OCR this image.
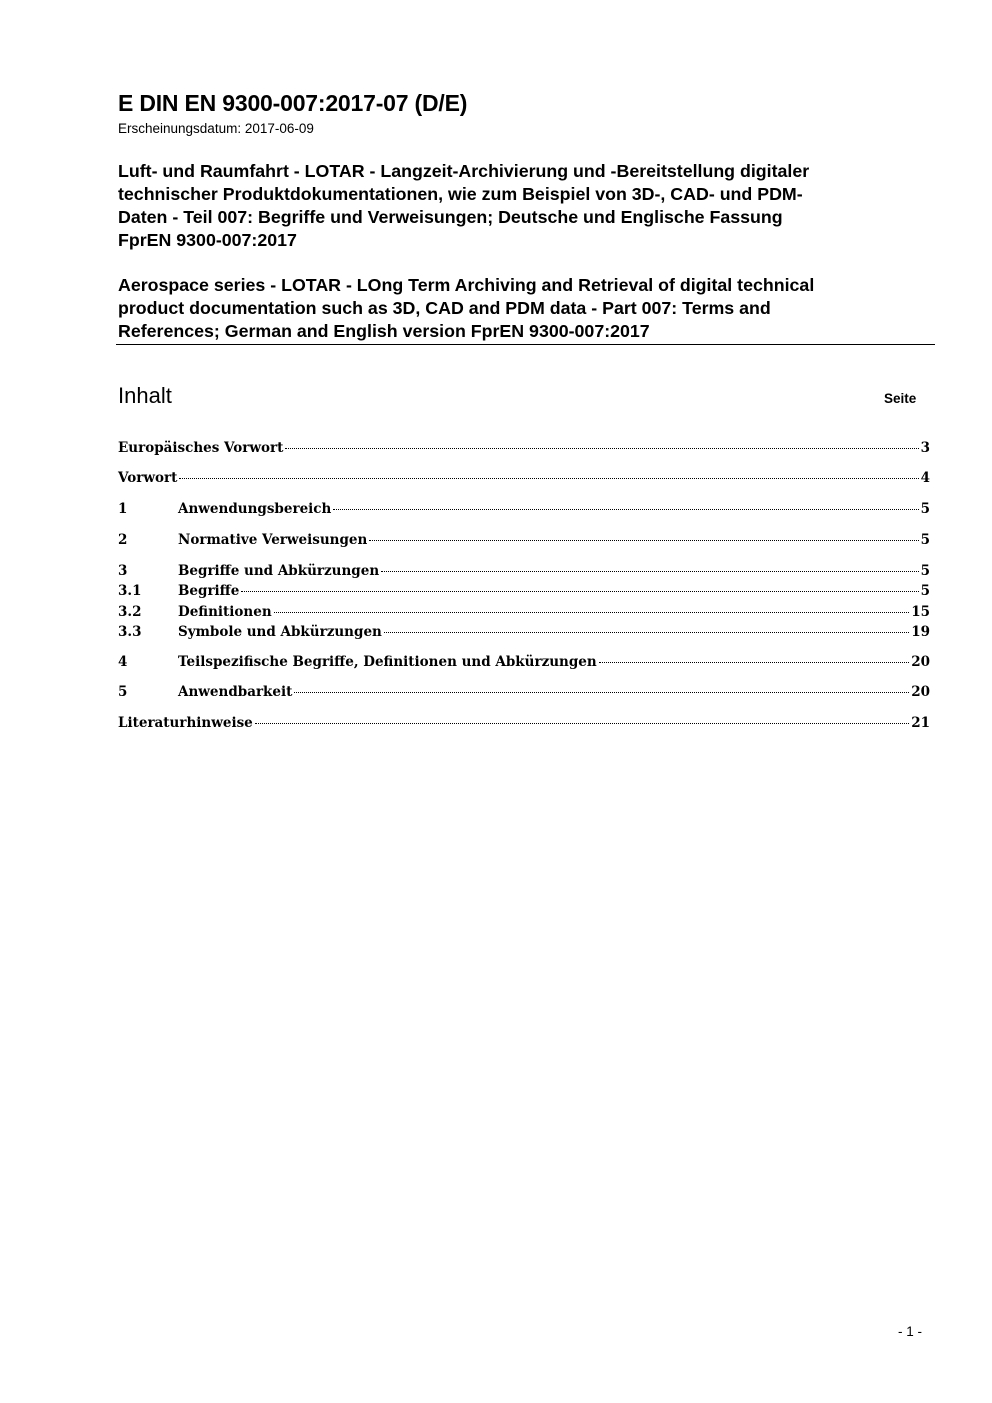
E DIN EN 9300-007:2017-07 (D/E)
Erscheinungsdatum: 2017-06-09
Luft- und Raumfahrt - LOTAR - Langzeit-Archivierung und -Bereitstellung digitaler
technischer Produktdokumentationen, wie zum Beispiel von 3D-, CAD- und PDM-
Daten - Teil 007: Begriffe und Verweisungen; Deutsche und Englische Fassung
FprEN 9300-007:2017
Aerospace series - LOTAR - LOng Term Archiving and Retrieval of digital technical
product documentation such as 3D, CAD and PDM data - Part 007: Terms and
References; German and English version FprEN 9300-007:2017
Inhalt	Seite
Europäisches Vorwort	3
Vorwort	4
1	Anwendungsbereich	5
2	Normative Verweisungen	5
3	Begriffe und Abkürzungen	5
3.1	Begriffe	5
3.2	Definitionen	15
3.3	Symbole und Abkürzungen	19
4	Teilspezifische Begriffe, Definitionen und Abkürzungen	20
5	Anwendbarkeit	20
Literaturhinweise	21
- 1 -
